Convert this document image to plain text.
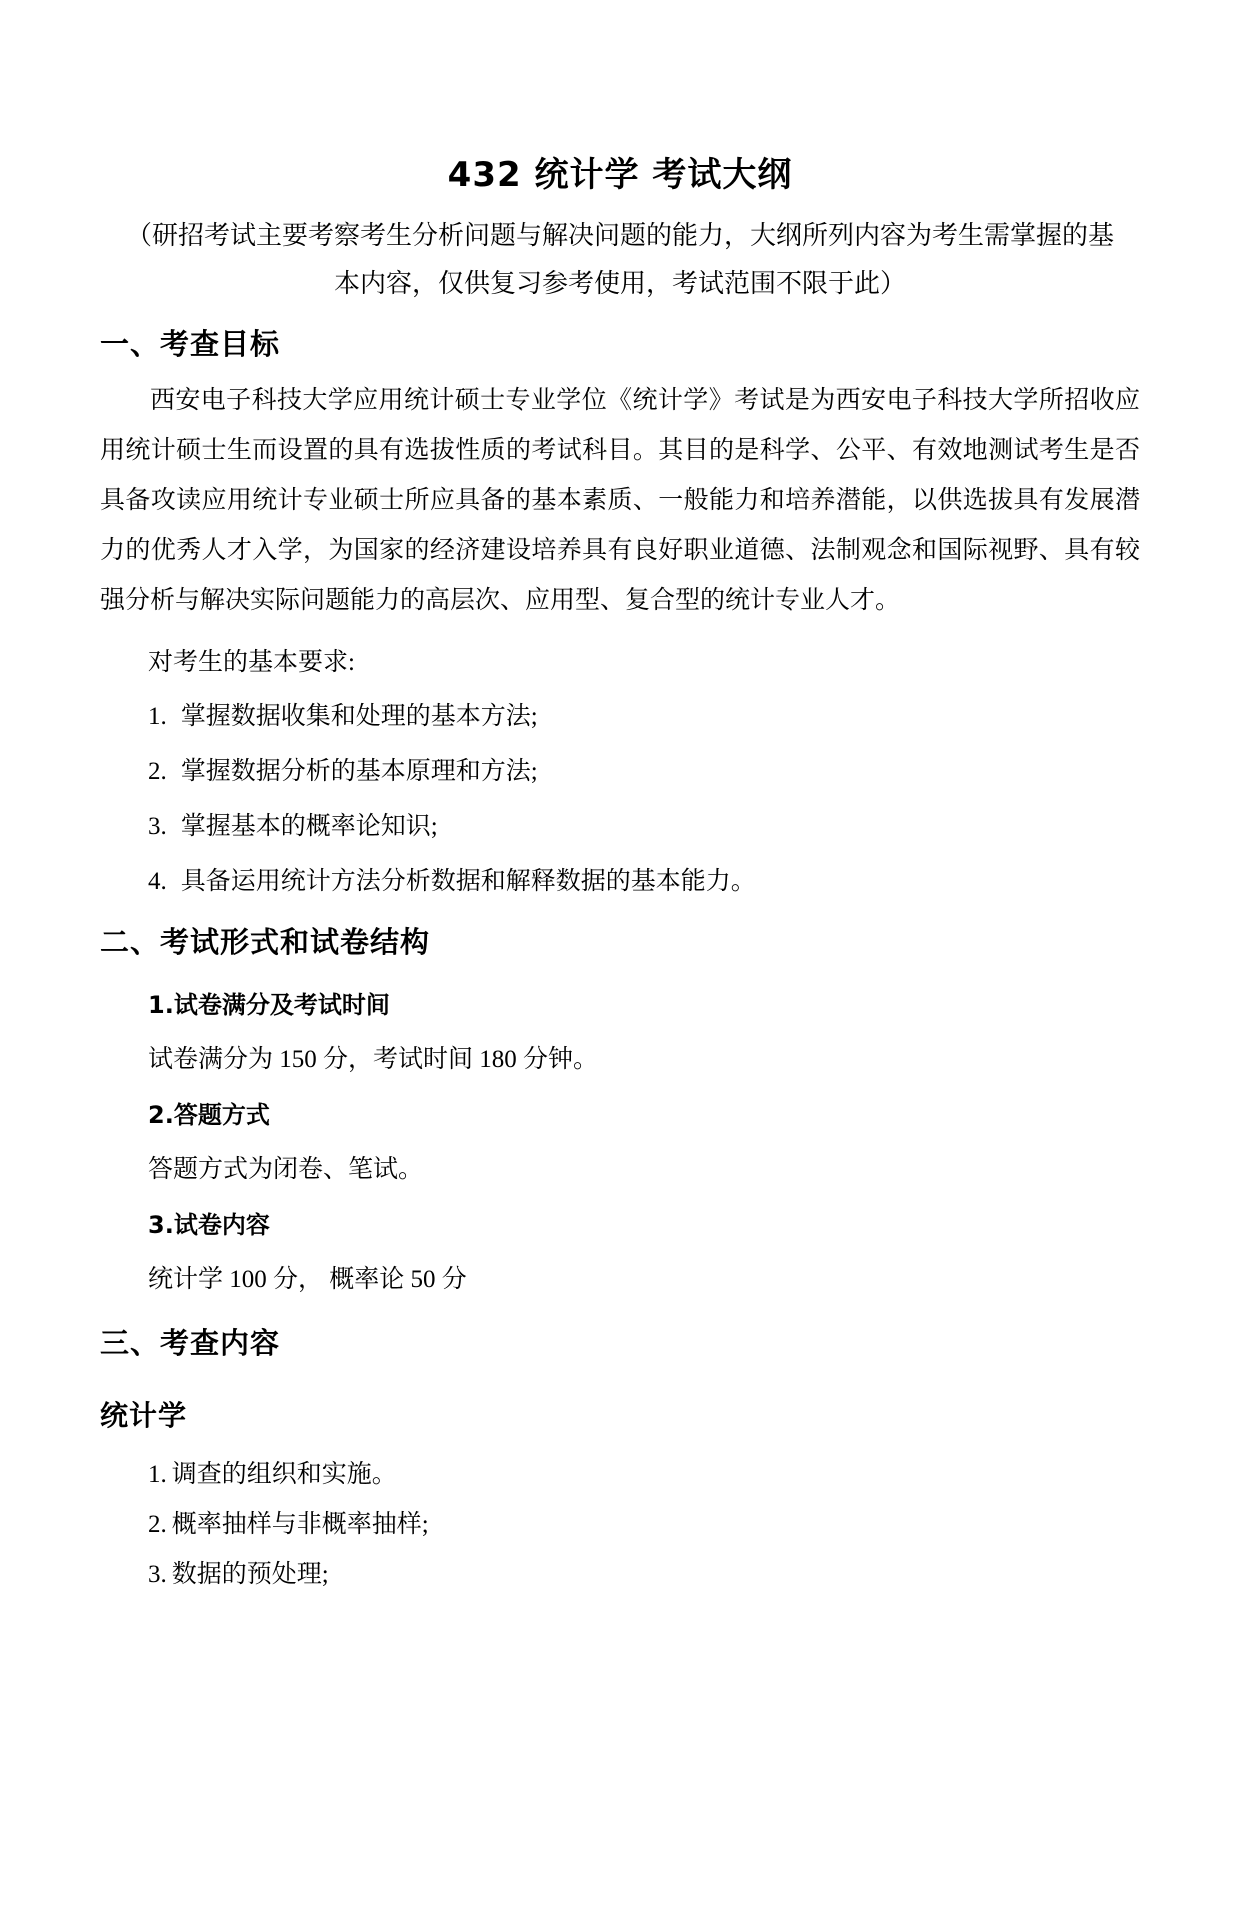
432 统计学 考试大纲
（研招考试主要考察考生分析问题与解决问题的能力，大纲所列内容为考生需掌握的基
本内容，仅供复习参考使用，考试范围不限于此）
一、考查目标
西安电子科技大学应用统计硕士专业学位《统计学》考试是为西安电子科技大学所招收应用统计硕士生而设置的具有选拔性质的考试科目。其目的是科学、公平、有效地测试考生是否具备攻读应用统计专业硕士所应具备的基本素质、一般能力和培养潜能，以供选拔具有发展潜力的优秀人才入学，为国家的经济建设培养具有良好职业道德、法制观念和国际视野、具有较强分析与解决实际问题能力的高层次、应用型、复合型的统计专业人才。
对考生的基本要求:
1. 掌握数据收集和处理的基本方法;
2. 掌握数据分析的基本原理和方法;
3. 掌握基本的概率论知识;
4. 具备运用统计方法分析数据和解释数据的基本能力。
二、考试形式和试卷结构
1.试卷满分及考试时间
试卷满分为 150 分，考试时间 180 分钟。
2.答题方式
答题方式为闭卷、笔试。
3.试卷内容
统计学 100 分， 概率论 50 分
三、考查内容
统计学
1. 调查的组织和实施。
2. 概率抽样与非概率抽样;
3. 数据的预处理;
